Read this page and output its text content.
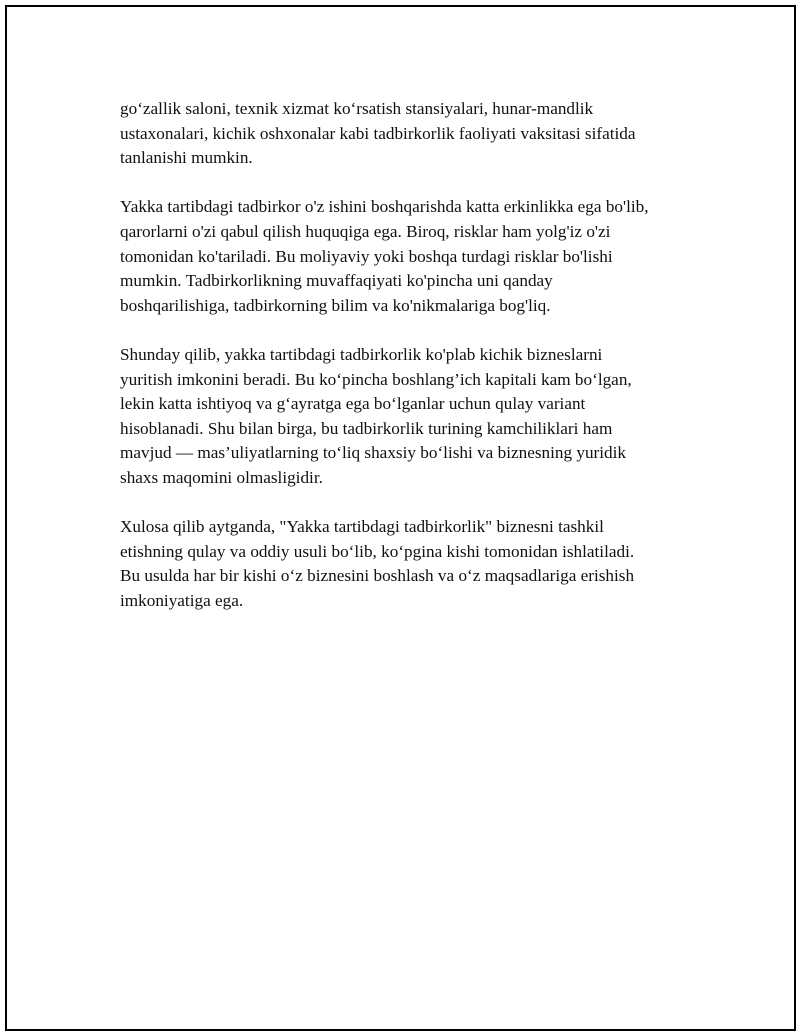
go‘zallik saloni, texnik xizmat ko‘rsatish stansiyalari, hunar-mandlik
ustaxonalari, kichik oshxonalar kabi tadbirkorlik faoliyati vaksitasi sifatida
tanlanishi mumkin.

Yakka tartibdagi tadbirkor o'z ishini boshqarishda katta erkinlikka ega bo'lib,
qarorlarni o'zi qabul qilish huquqiga ega. Biroq, risklar ham yolg'iz o'zi
tomonidan ko'tariladi. Bu moliyaviy yoki boshqa turdagi risklar bo'lishi
mumkin. Tadbirkorlikning muvaffaqiyati ko'pincha uni qanday
boshqarilishiga, tadbirkorning bilim va ko'nikmalariga bog'liq.

Shunday qilib, yakka tartibdagi tadbirkorlik ko'plab kichik bizneslarni
yuritish imkonini beradi. Bu ko‘pincha boshlang’ich kapitali kam bo‘lgan,
lekin katta ishtiyoq va g‘ayratga ega bo‘lganlar uchun qulay variant
hisoblanadi. Shu bilan birga, bu tadbirkorlik turining kamchiliklari ham
mavjud — mas’uliyatlarning to‘liq shaxsiy bo‘lishi va biznesning yuridik
shaxs maqomini olmasligidir.

Xulosa qilib aytganda, "Yakka tartibdagi tadbirkorlik" biznesni tashkil
etishning qulay va oddiy usuli bo‘lib, ko‘pgina kishi tomonidan ishlatiladi.
Bu usulda har bir kishi o‘z biznesini boshlash va o‘z maqsadlariga erishish
imkoniyatiga ega.
